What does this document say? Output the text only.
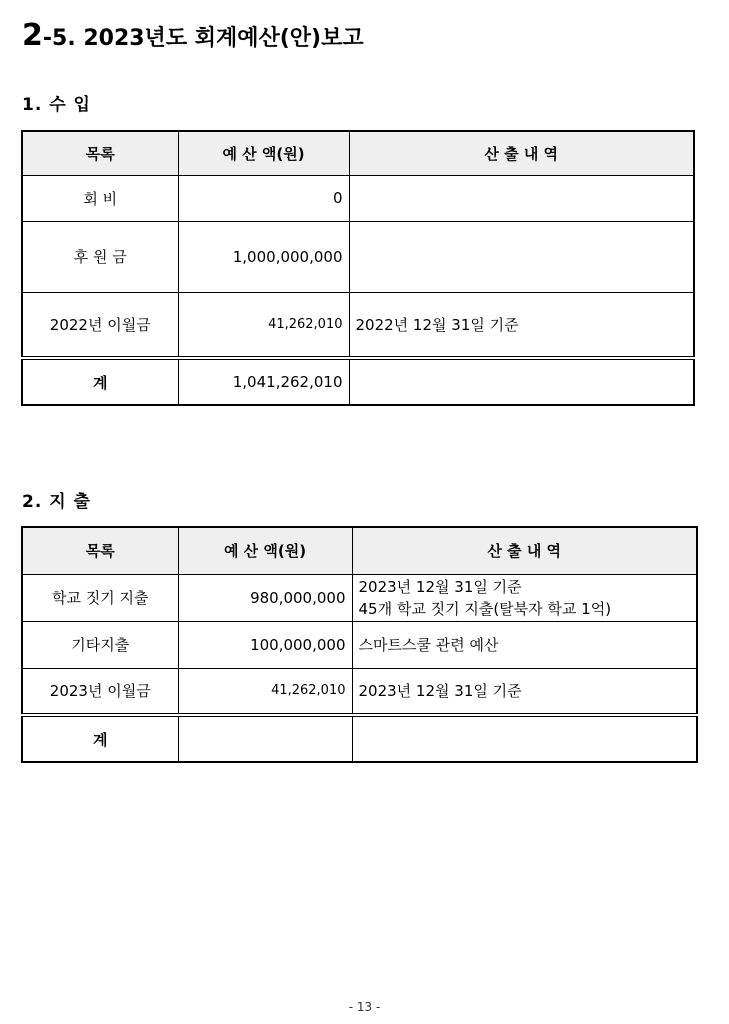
2-5. 2023년도 회계예산(안)보고
1. 수 입
목록	예 산 액(원)	산 출 내 역
회 비	0	
후 원 금	1,000,000,000	
2022년 이월금	41,262,010	2022년 12월 31일 기준
계	1,041,262,010	
2. 지 출
목록	예 산 액(원)	산 출 내 역
학교 짓기 지출	980,000,000	2023년 12월 31일 기준
45개 학교 짓기 지출(탈북자 학교 1억)

기타지출	100,000,000	스마트스쿨 관련 예산

2023년 이월금	41,262,010	2023년 12월 31일 기준

계		
- 13 -
